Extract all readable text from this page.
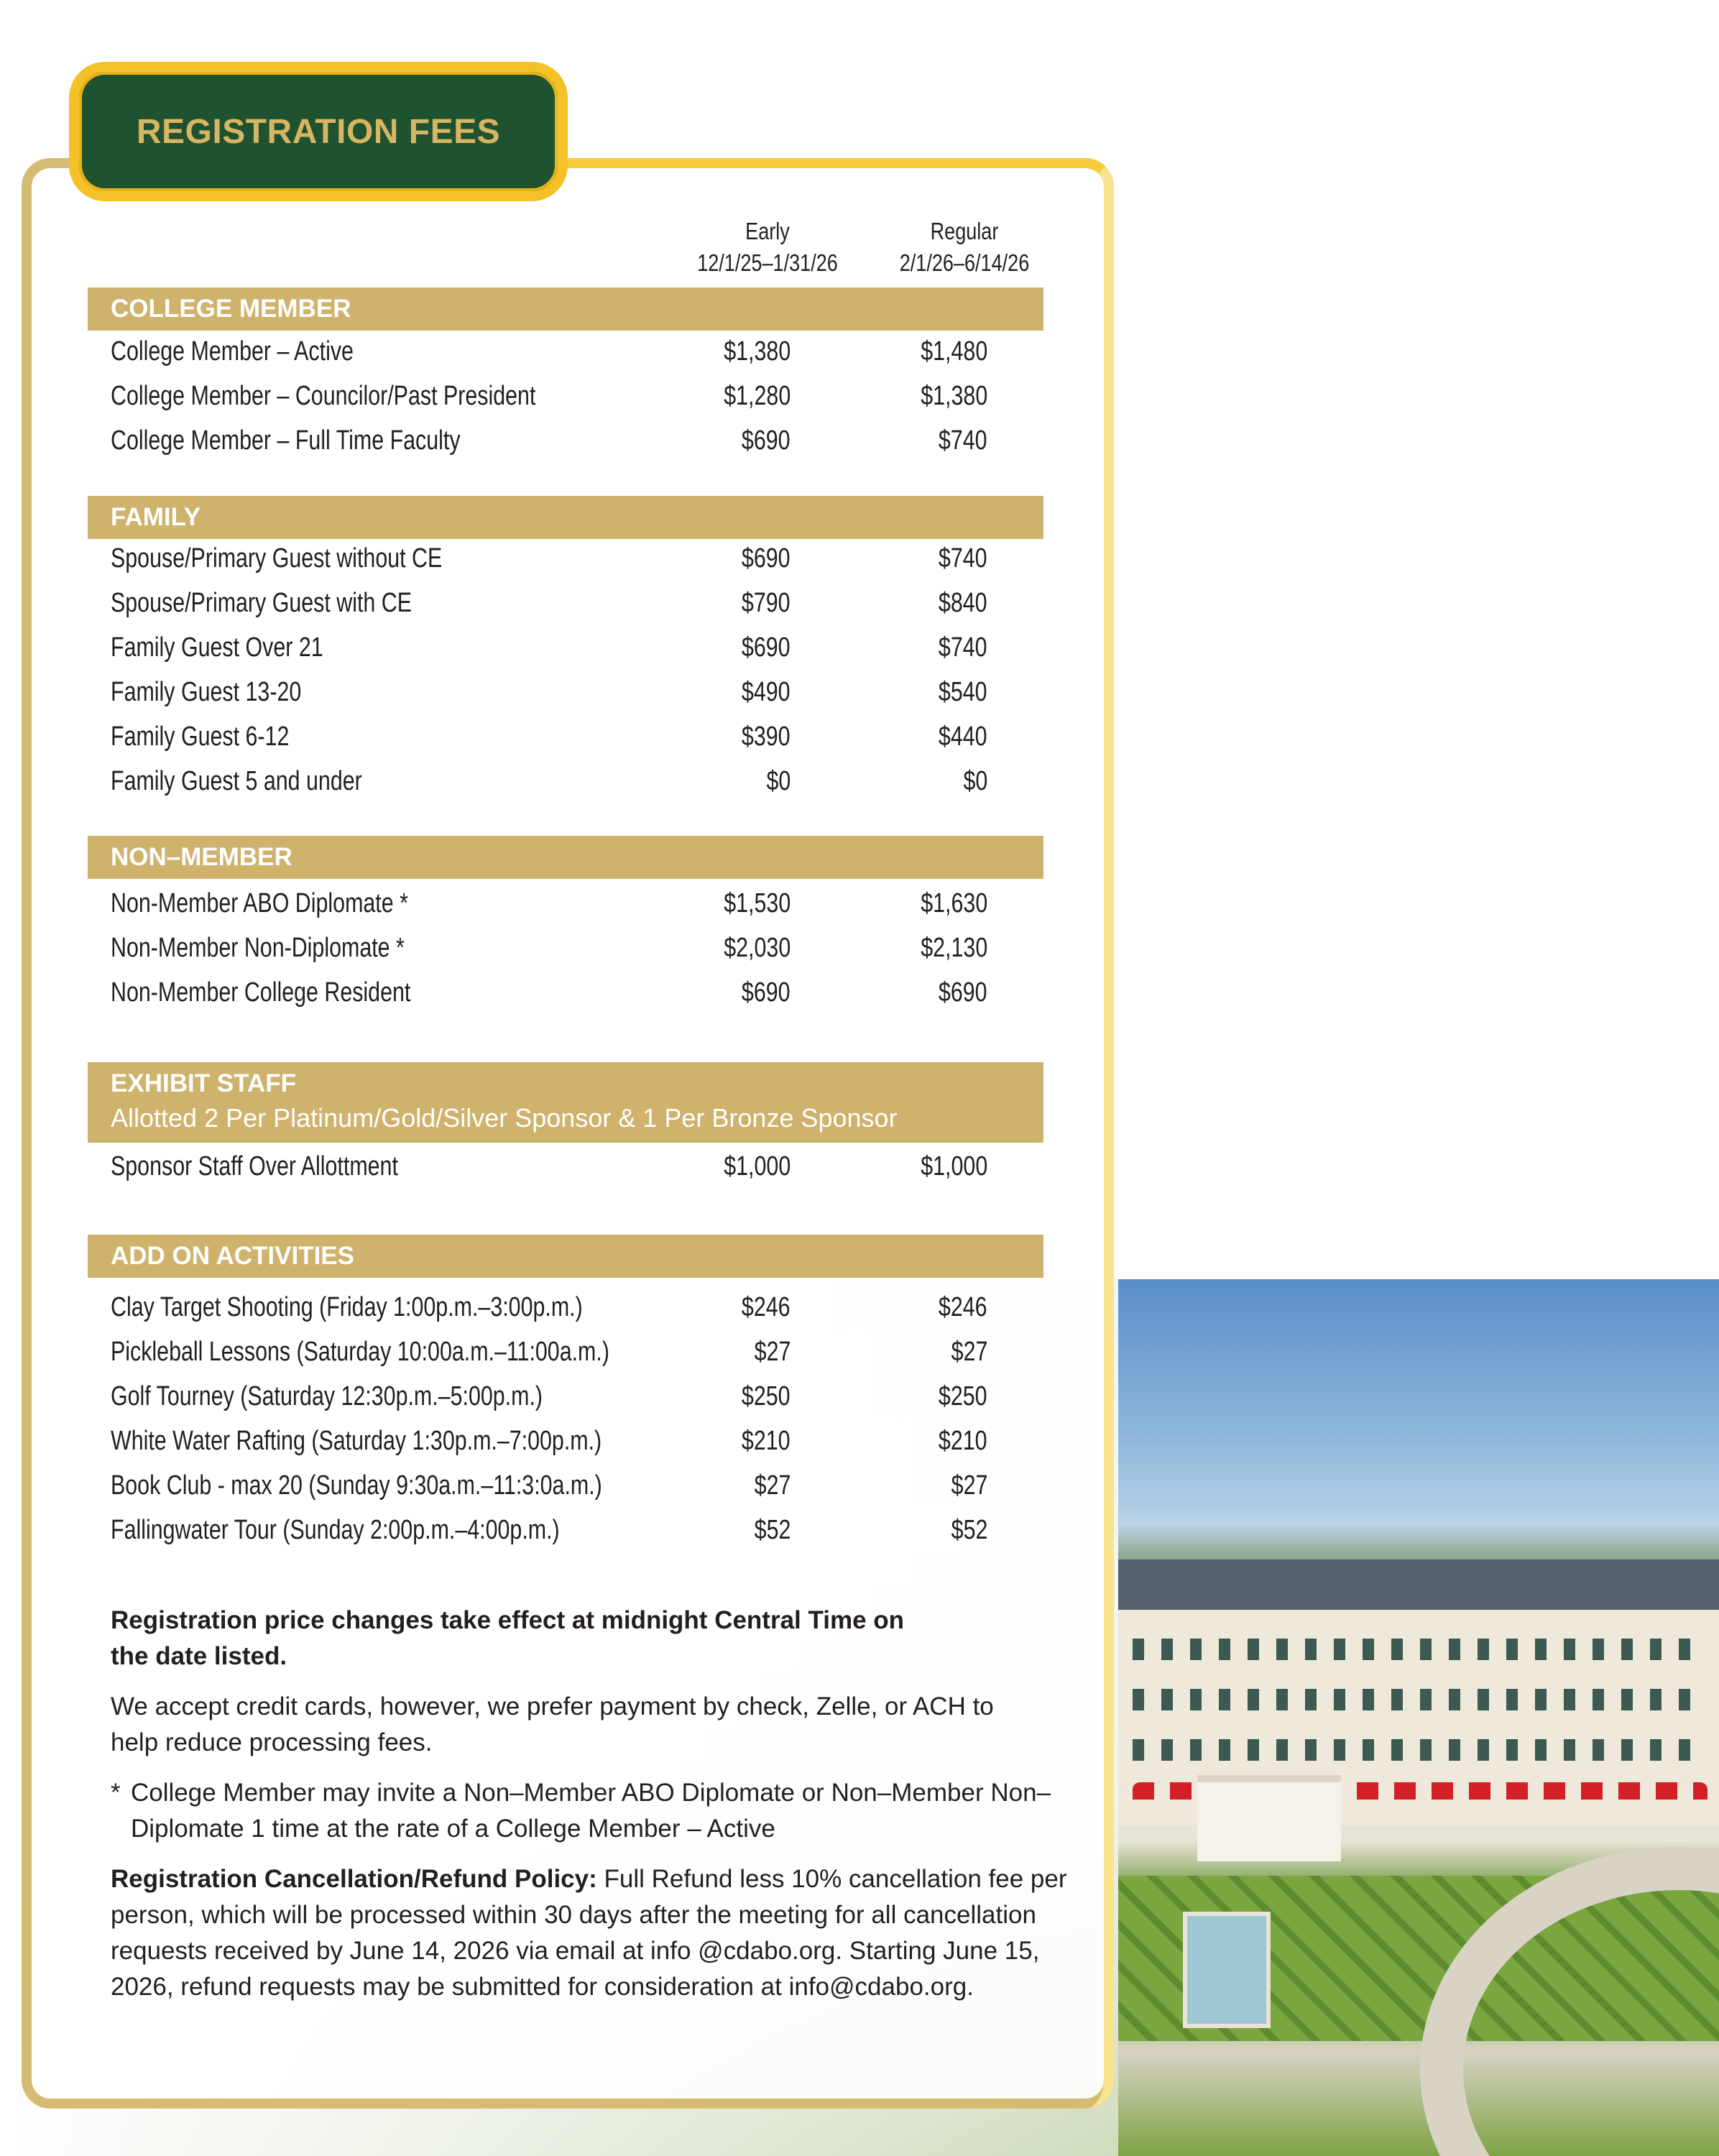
REGISTRATION FEES
Early
12/1/25–1/31/26
Regular
2/1/26–6/14/26
COLLEGE MEMBER
College Member – Active	$1,380	$1,480
College Member – Councilor/Past President	$1,280	$1,380
College Member – Full Time Faculty	$690	$740
FAMILY
Spouse/Primary Guest without CE	$690	$740
Spouse/Primary Guest with CE	$790	$840
Family Guest Over 21	$690	$740
Family Guest 13-20	$490	$540
Family Guest 6-12	$390	$440
Family Guest 5 and under	$0	$0
NON–MEMBER
Non-Member ABO Diplomate *	$1,530	$1,630
Non-Member Non-Diplomate *	$2,030	$2,130
Non-Member College Resident	$690	$690
EXHIBIT STAFF
Allotted 2 Per Platinum/Gold/Silver Sponsor & 1 Per Bronze Sponsor
Sponsor Staff Over Allottment	$1,000	$1,000
ADD ON ACTIVITIES
Clay Target Shooting (Friday 1:00p.m.–3:00p.m.)	$246	$246
Pickleball Lessons (Saturday 10:00a.m.–11:00a.m.)	$27	$27
Golf Tourney (Saturday 12:30p.m.–5:00p.m.)	$250	$250
White Water Rafting (Saturday 1:30p.m.–7:00p.m.)	$210	$210
Book Club - max 20 (Sunday 9:30a.m.–11:3:0a.m.)	$27	$27
Fallingwater Tour (Sunday 2:00p.m.–4:00p.m.)	$52	$52
Registration price changes take effect at midnight Central Time on the date listed.
We accept credit cards, however, we prefer payment by check, Zelle, or ACH to help reduce processing fees.
* College Member may invite a Non–Member ABO Diplomate or Non–Member Non–Diplomate 1 time at the rate of a College Member – Active
Registration Cancellation/Refund Policy: Full Refund less 10% cancellation fee per person, which will be processed within 30 days after the meeting for all cancellation requests received by June 14, 2026 via email at info @cdabo.org. Starting June 15, 2026, refund requests may be submitted for consideration at info@cdabo.org.
